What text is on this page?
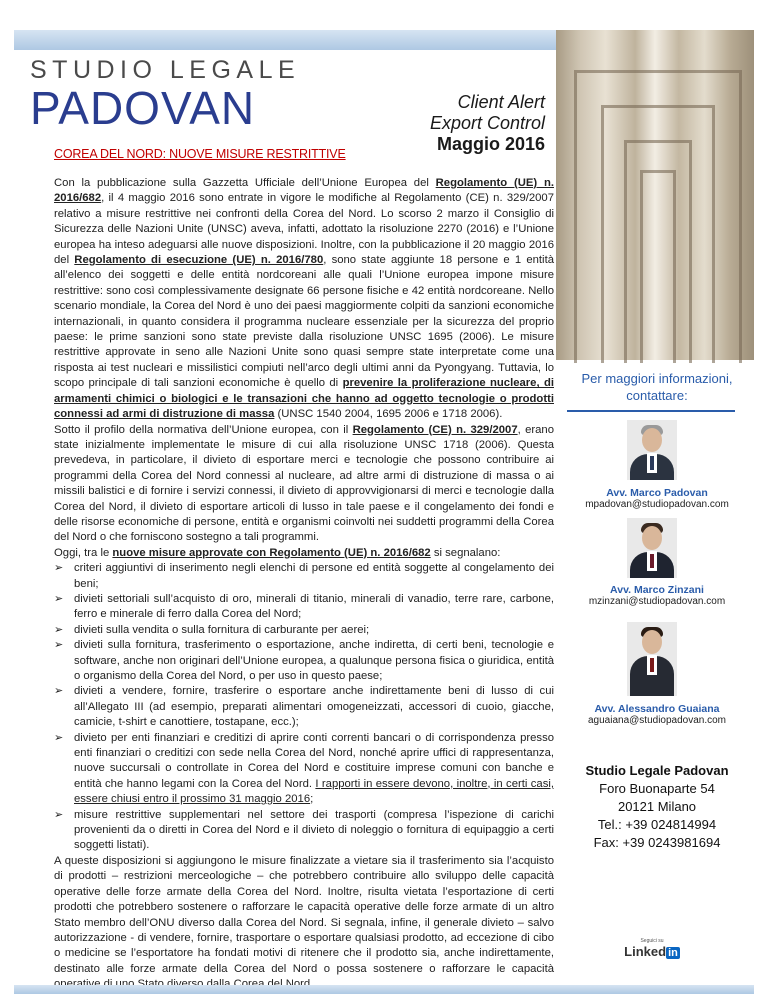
STUDIO LEGALE
PADOVAN	Client Alert
Export Control
Maggio 2016
COREA DEL NORD: NUOVE MISURE RESTRITTIVE

Con la pubblicazione sulla Gazzetta Ufficiale dell’Unione Europea del Regolamento (UE) n. 2016/682, il 4 maggio 2016 sono entrate in vigore le modifiche al Regolamento (CE) n. 329/2007 relativo a misure restrittive nei confronti della Corea del Nord. Lo scorso 2 marzo il Consiglio di Sicurezza delle Nazioni Unite (UNSC) aveva, infatti, adottato la risoluzione 2270 (2016) e l’Unione europea ha inteso adeguarsi alle nuove disposizioni. Inoltre, con la pubblicazione il 20 maggio 2016 del Regolamento di esecuzione (UE) n. 2016/780, sono state aggiunte 18 persone e 1 entità all’elenco dei soggetti e delle entità nordcoreani alle quali l’Unione europea impone misure restrittive: sono così complessivamente designate 66 persone fisiche e 42 entità nordcoreane. Nello scenario mondiale, la Corea del Nord è uno dei paesi maggiormente colpiti da sanzioni economiche internazionali, in quanto considera il programma nucleare essenziale per la sicurezza del proprio paese: le prime sanzioni sono state previste dalla risoluzione UNSC 1695 (2006). Le misure restrittive approvate in seno alle Nazioni Unite sono quasi sempre state interpretate come una risposta ai test nucleari e missilistici compiuti nell’arco degli ultimi anni da Pyongyang. Tuttavia, lo scopo principale di tali sanzioni economiche è quello di prevenire la proliferazione nucleare, di armamenti chimici o biologici e le transazioni che hanno ad oggetto tecnologie o prodotti connessi ad armi di distruzione di massa (UNSC 1540 2004, 1695 2006 e 1718 2006).

Sotto il profilo della normativa dell’Unione europea, con il Regolamento (CE) n. 329/2007, erano state inizialmente implementate le misure di cui alla risoluzione UNSC 1718 (2006). Questa prevedeva, in particolare, il divieto di esportare merci e tecnologie che possono contribuire ai programmi della Corea del Nord connessi al nucleare, ad altre armi di distruzione di massa o ai missili balistici e di fornire i servizi connessi, il divieto di approvvigionarsi di merci e tecnologie dalla Corea del Nord, il divieto di esportare articoli di lusso in tale paese e il congelamento dei fondi e delle risorse economiche di persone, entità e organismi coinvolti nei suddetti programmi della Corea del Nord o che forniscono sostegno a tali programmi.

Oggi, tra le nuove misure approvate con Regolamento (UE) n. 2016/682 si segnalano:

➢ criteri aggiuntivi di inserimento negli elenchi di persone ed entità soggette al congelamento dei beni;
➢ divieti settoriali sull’acquisto di oro, minerali di titanio, minerali di vanadio, terre rare, carbone, ferro e minerale di ferro dalla Corea del Nord;
➢ divieti sulla vendita o sulla fornitura di carburante per aerei;
➢ divieti sulla fornitura, trasferimento o esportazione, anche indiretta, di certi beni, tecnologie e software, anche non originari dell’Unione europea, a qualunque persona fisica o giuridica, entità o organismo della Corea del Nord, o per uso in questo paese;
➢ divieti a vendere, fornire, trasferire o esportare anche indirettamente beni di lusso di cui all’Allegato III (ad esempio, preparati alimentari omogeneizzati, accessori di cuoio, giacche, camicie, t-shirt e canottiere, tostapane, ecc.);
➢ divieto per enti finanziari e creditizi di aprire conti correnti bancari o di corrispondenza presso enti finanziari o creditizi con sede nella Corea del Nord, nonché aprire uffici di rappresentanza, nuove succursali o controllate in Corea del Nord e costituire imprese comuni con banche e entità che hanno legami con la Corea del Nord. I rapporti in essere devono, inoltre, in certi casi, essere chiusi entro il prossimo 31 maggio 2016;
➢ misure restrittive supplementari nel settore dei trasporti (compresa l’ispezione di carichi provenienti da o diretti in Corea del Nord e il divieto di noleggio o fornitura di equipaggio a certi soggetti listati).

A queste disposizioni si aggiungono le misure finalizzate a vietare sia il trasferimento sia l’acquisto di prodotti – restrizioni merceologiche – che potrebbero contribuire allo sviluppo delle capacità operative delle forze armate della Corea del Nord. Inoltre, risulta vietata l’esportazione di certi prodotti che potrebbero sostenere o rafforzare le capacità operative delle forze armate di un altro Stato membro dell’ONU diverso dalla Corea del Nord. Si segnala, infine, il generale divieto – salvo autorizzazione - di vendere, fornire, trasportare o esportare qualsiasi prodotto, ad eccezione di cibo o medicine se l’esportatore ha fondati motivi di ritenere che il prodotto sia, anche indirettamente, destinato alle forze armate della Corea del Nord o possa sostenere o rafforzare le capacità

Per maggiori informazioni,
contattare:
Avv. Marco Padovan
mpadovan@studiopadovan.com
Avv. Marco Zinzani
mzinzani@studiopadovan.com
Avv. Alessandro Guaiana
aguaiana@studiopadovan.com
Studio Legale Padovan
Foro Buonaparte 54
20121 Milano
Tel.: +39 024814994
Fax: +39 0243981694
Seguici su
Linked in
